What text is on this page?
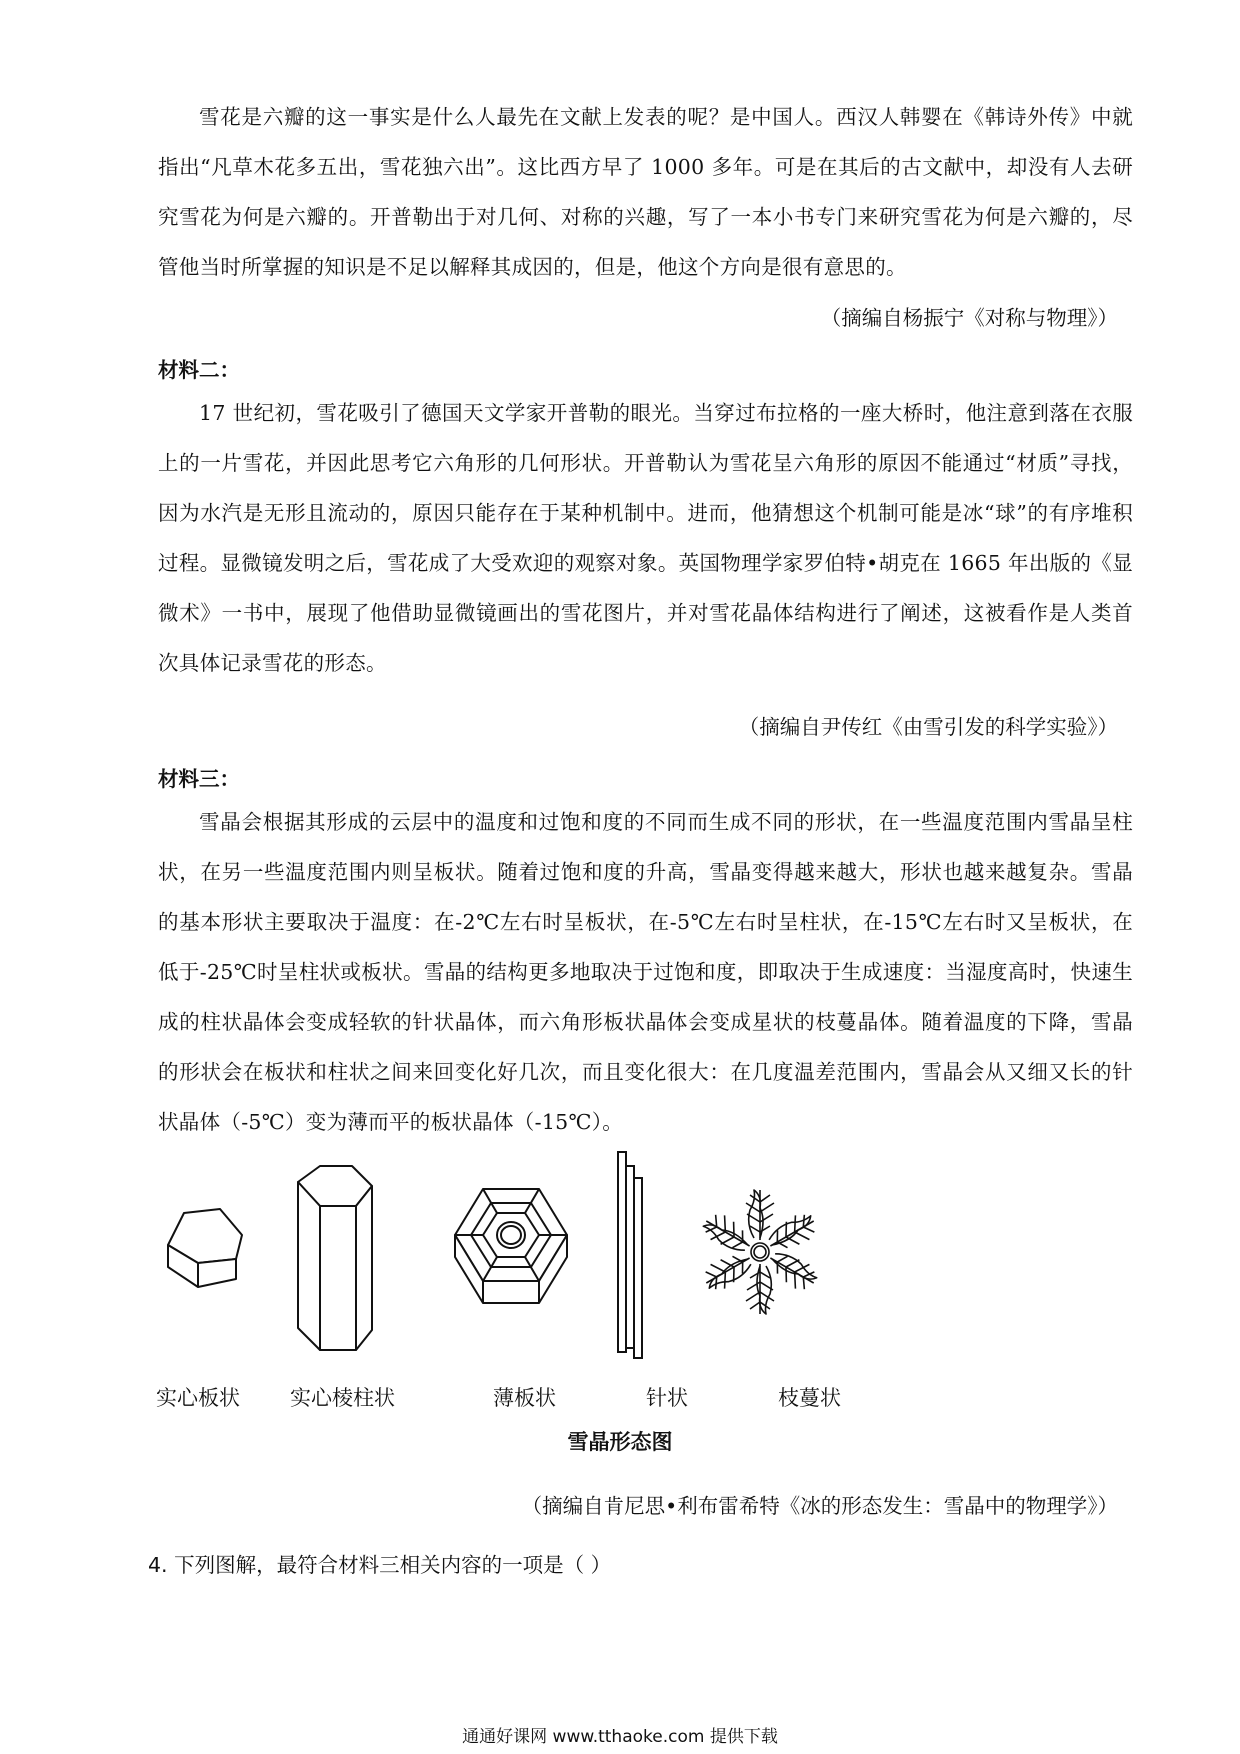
雪花是六瓣的这一事实是什么人最先在文献上发表的呢？是中国人。西汉人韩婴在《韩诗外传》中就指出“凡草木花多五出，雪花独六出”。这比西方早了 1000 多年。可是在其后的古文献中，却没有人去研究雪花为何是六瓣的。开普勒出于对几何、对称的兴趣，写了一本小书专门来研究雪花为何是六瓣的，尽管他当时所掌握的知识是不足以解释其成因的，但是，他这个方向是很有意思的。
（摘编自杨振宁《对称与物理》）
材料二：
17 世纪初，雪花吸引了德国天文学家开普勒的眼光。当穿过布拉格的一座大桥时，他注意到落在衣服上的一片雪花，并因此思考它六角形的几何形状。开普勒认为雪花呈六角形的原因不能通过“材质”寻找，因为水汽是无形且流动的，原因只能存在于某种机制中。进而，他猜想这个机制可能是冰“球”的有序堆积过程。显微镜发明之后，雪花成了大受欢迎的观察对象。英国物理学家罗伯特•胡克在 1665 年出版的《显微术》一书中，展现了他借助显微镜画出的雪花图片，并对雪花晶体结构进行了阐述，这被看作是人类首次具体记录雪花的形态。
（摘编自尹传红《由雪引发的科学实验》）
材料三：
雪晶会根据其形成的云层中的温度和过饱和度的不同而生成不同的形状，在一些温度范围内雪晶呈柱状，在另一些温度范围内则呈板状。随着过饱和度的升高，雪晶变得越来越大，形状也越来越复杂。雪晶的基本形状主要取决于温度：在-2℃左右时呈板状，在-5℃左右时呈柱状，在-15℃左右时又呈板状，在低于-25℃时呈柱状或板状。雪晶的结构更多地取决于过饱和度，即取决于生成速度：当湿度高时，快速生成的柱状晶体会变成轻软的针状晶体，而六角形板状晶体会变成星状的枝蔓晶体。随着温度的下降，雪晶的形状会在板状和柱状之间来回变化好几次，而且变化很大：在几度温差范围内，雪晶会从又细又长的针状晶体（-5℃）变为薄而平的板状晶体（-15℃）。
实心板状 实心棱柱状	薄板状	针状	枝蔓状
雪晶形态图
（摘编自肯尼思•利布雷希特《冰的形态发生：雪晶中的物理学》）
4. 下列图解，最符合材料三相关内容的一项是（ ）
通通好课网 www.tthaoke.com 提供下载
